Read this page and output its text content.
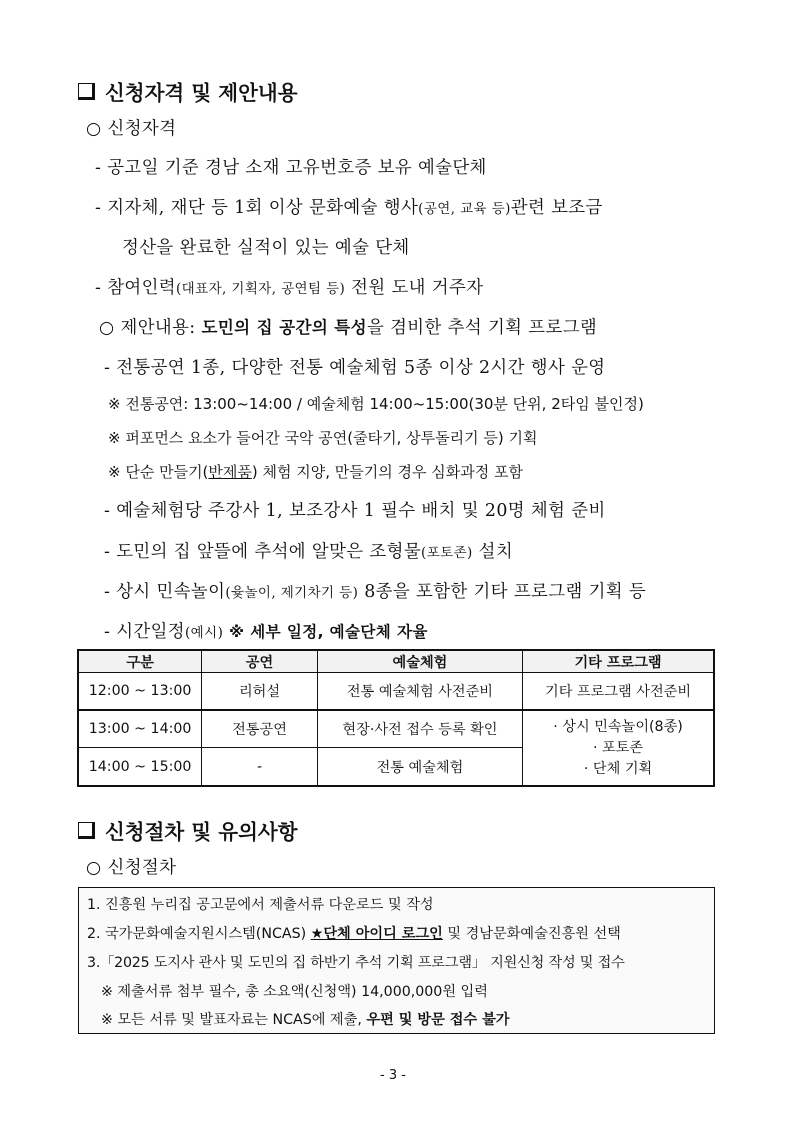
신청자격 및 제안내용
○ 신청자격
- 공고일 기준 경남 소재 고유번호증 보유 예술단체
- 지자체, 재단 등 1회 이상 문화예술 행사(공연, 교육 등)관련 보조금
정산을 완료한 실적이 있는 예술 단체
- 참여인력(대표자, 기획자, 공연팀 등) 전원 도내 거주자
○ 제안내용: 도민의 집 공간의 특성을 겸비한 추석 기획 프로그램
- 전통공연 1종, 다양한 전통 예술체험 5종 이상 2시간 행사 운영
※ 전통공연: 13:00~14:00 / 예술체험 14:00~15:00(30분 단위, 2타임 불인정)
※ 퍼포먼스 요소가 들어간 국악 공연(줄타기, 상투돌리기 등) 기획
※ 단순 만들기(반제품) 체험 지양, 만들기의 경우 심화과정 포함
- 예술체험당 주강사 1, 보조강사 1 필수 배치 및 20명 체험 준비
- 도민의 집 앞뜰에 추석에 알맞은 조형물(포토존) 설치
- 상시 민속놀이(윷놀이, 제기차기 등) 8종을 포함한 기타 프로그램 기획 등
- 시간일정(예시) ※ 세부 일정, 예술단체 자율
구분	공연	예술체험	기타 프로그램
12:00 ~ 13:00	리허설	전통 예술체험 사전준비	기타 프로그램 사전준비
13:00 ~ 14:00	전통공연	현장·사전 접수 등록 확인	· 상시 민속놀이(8종)
· 포토존
· 단체 기획

14:00 ~ 15:00	-	전통 예술체험	
신청절차 및 유의사항
○ 신청절차
1. 진흥원 누리집 공고문에서 제출서류 다운로드 및 작성
2. 국가문화예술지원시스템(NCAS) ★단체 아이디 로그인 및 경남문화예술진흥원 선택
3.「2025 도지사 관사 및 도민의 집 하반기 추석 기획 프로그램」 지원신청 작성 및 접수
※ 제출서류 첨부 필수, 총 소요액(신청액) 14,000,000원 입력
※ 모든 서류 및 발표자료는 NCAS에 제출, 우편 및 방문 접수 불가
- 3 -
